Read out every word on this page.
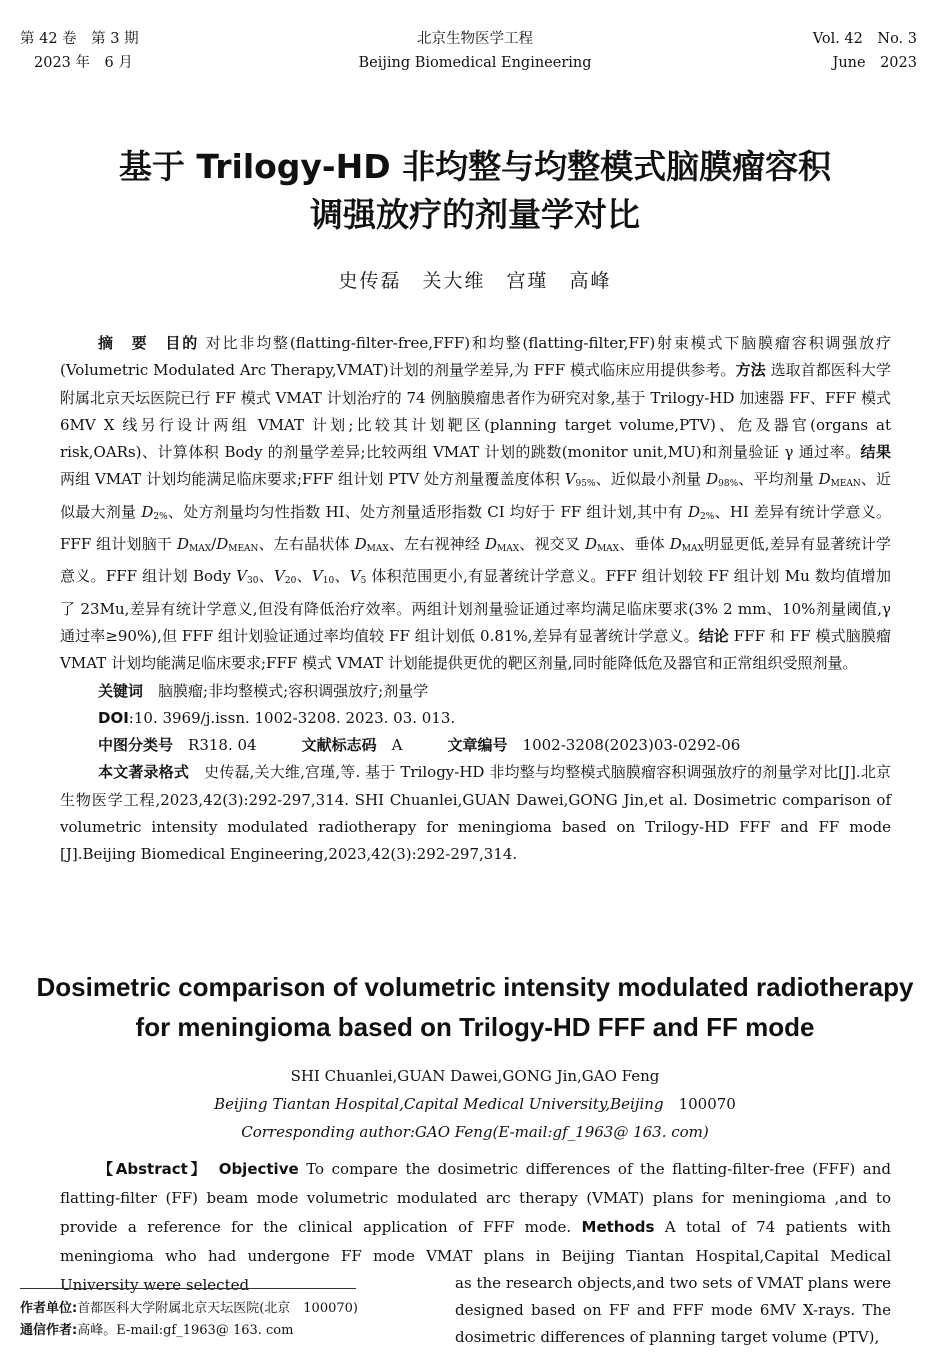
第 42 卷　第 3 期
2023 年　6 月
北京生物医学工程
Beijing Biomedical Engineering
Vol. 42　No. 3
June　2023
基于 Trilogy-HD 非均整与均整模式脑膜瘤容积
调强放疗的剂量学对比
史传磊　关大维　宫瑾　高峰

摘　要　 目的 对比非均整(flatting-filter-free,FFF)和均整(flatting-filter,FF)射束模式下脑膜瘤容积调强放疗(Volumetric Modulated Arc Therapy,VMAT)计划的剂量学差异,为 FFF 模式临床应用提供参考。方法 选取首都医科大学附属北京天坛医院已行 FF 模式 VMAT 计划治疗的 74 例脑膜瘤患者作为研究对象,基于 Trilogy-HD 加速器 FF、FFF 模式 6MV X 线另行设计两组 VMAT 计划;比较其计划靶区(planning target volume,PTV)、危及器官(organs at risk,OARs)、计算体积 Body 的剂量学差异;比较两组 VMAT 计划的跳数(monitor unit,MU)和剂量验证 γ 通过率。结果 两组 VMAT 计划均能满足临床要求;FFF 组计划 PTV 处方剂量覆盖度体积 $V_{95\%}$、近似最小剂量 $D_{98\%}$、平均剂量 $D_{MEAN}$、近似最大剂量 $D_{2\%}$、处方剂量均匀性指数 HI、处方剂量适形指数 CI 均好于 FF 组计划,其中有 $D_{2\%}$、HI 差异有统计学意义。FFF 组计划脑干 $D_{MAX}/D_{MEAN}$、左右晶状体 $D_{MAX}$、左右视神经 $D_{MAX}$、视交叉 $D_{MAX}$、垂体 $D_{MAX}$明显更低,差异有显著统计学意义。FFF 组计划 Body $V_{30}$、$V_{20}$、$V_{10}$、$V_5$ 体积范围更小,有显著统计学意义。FFF 组计划较 FF 组计划 Mu 数均值增加了 23Mu,差异有统计学意义,但没有降低治疗效率。两组计划剂量验证通过率均满足临床要求(3% 2 mm、10%剂量阈值,γ 通过率≥90%),但 FFF 组计划验证通过率均值较 FF 组计划低 0.81%,差异有显著统计学意义。结论 FFF 和 FF 模式脑膜瘤 VMAT 计划均能满足临床要求;FFF 模式 VMAT 计划能提供更优的靶区剂量,同时能降低危及器官和正常组织受照剂量。

关键词　 脑膜瘤;非均整模式;容积调强放疗;剂量学

DOI:10. 3969/j.issn. 1002-3208. 2023. 03. 013.

中图分类号　 R318. 04　　　	文献标志码　 A　　　	文章编号　 1002-3208(2023)03-0292-06

本文著录格式　 史传磊,关大维,宫瑾,等. 基于 Trilogy-HD 非均整与均整模式脑膜瘤容积调强放疗的剂量学对比[J].北京生物医学工程,2023,42(3):292-297,314. SHI Chuanlei,GUAN Dawei,GONG Jin,et al. Dosimetric comparison of volumetric intensity modulated radiotherapy for meningioma based on Trilogy-HD FFF and FF mode [J].Beijing Biomedical Engineering,2023,42(3):292-297,314.

Dosimetric comparison of volumetric intensity modulated radiotherapy
for meningioma based on Trilogy-HD FFF and FF mode
SHI Chuanlei,GUAN Dawei,GONG Jin,GAO Feng
Beijing Tiantan Hospital,Capital Medical University,Beijing　 100070
Corresponding author:GAO Feng(E-mail:gf_1963@ 163. com)

【Abstract】　 Objective To compare the dosimetric differences of the flatting-filter-free (FFF) and flatting-filter (FF) beam mode volumetric modulated arc therapy (VMAT) plans for meningioma ,and to provide a reference for the clinical application of FFF mode. Methods A total of 74 patients with meningioma who had undergone FF mode VMAT plans in Beijing Tiantan Hospital,Capital Medical University were selected	as the research objects,and two sets of VMAT plans were designed based on FF and FFF mode 6MV X-rays. The dosimetric differences of planning target volume (PTV),
作者单位:首都医科大学附属北京天坛医院(北京　100070)
通信作者:高峰。E-mail:gf_1963@ 163. com
